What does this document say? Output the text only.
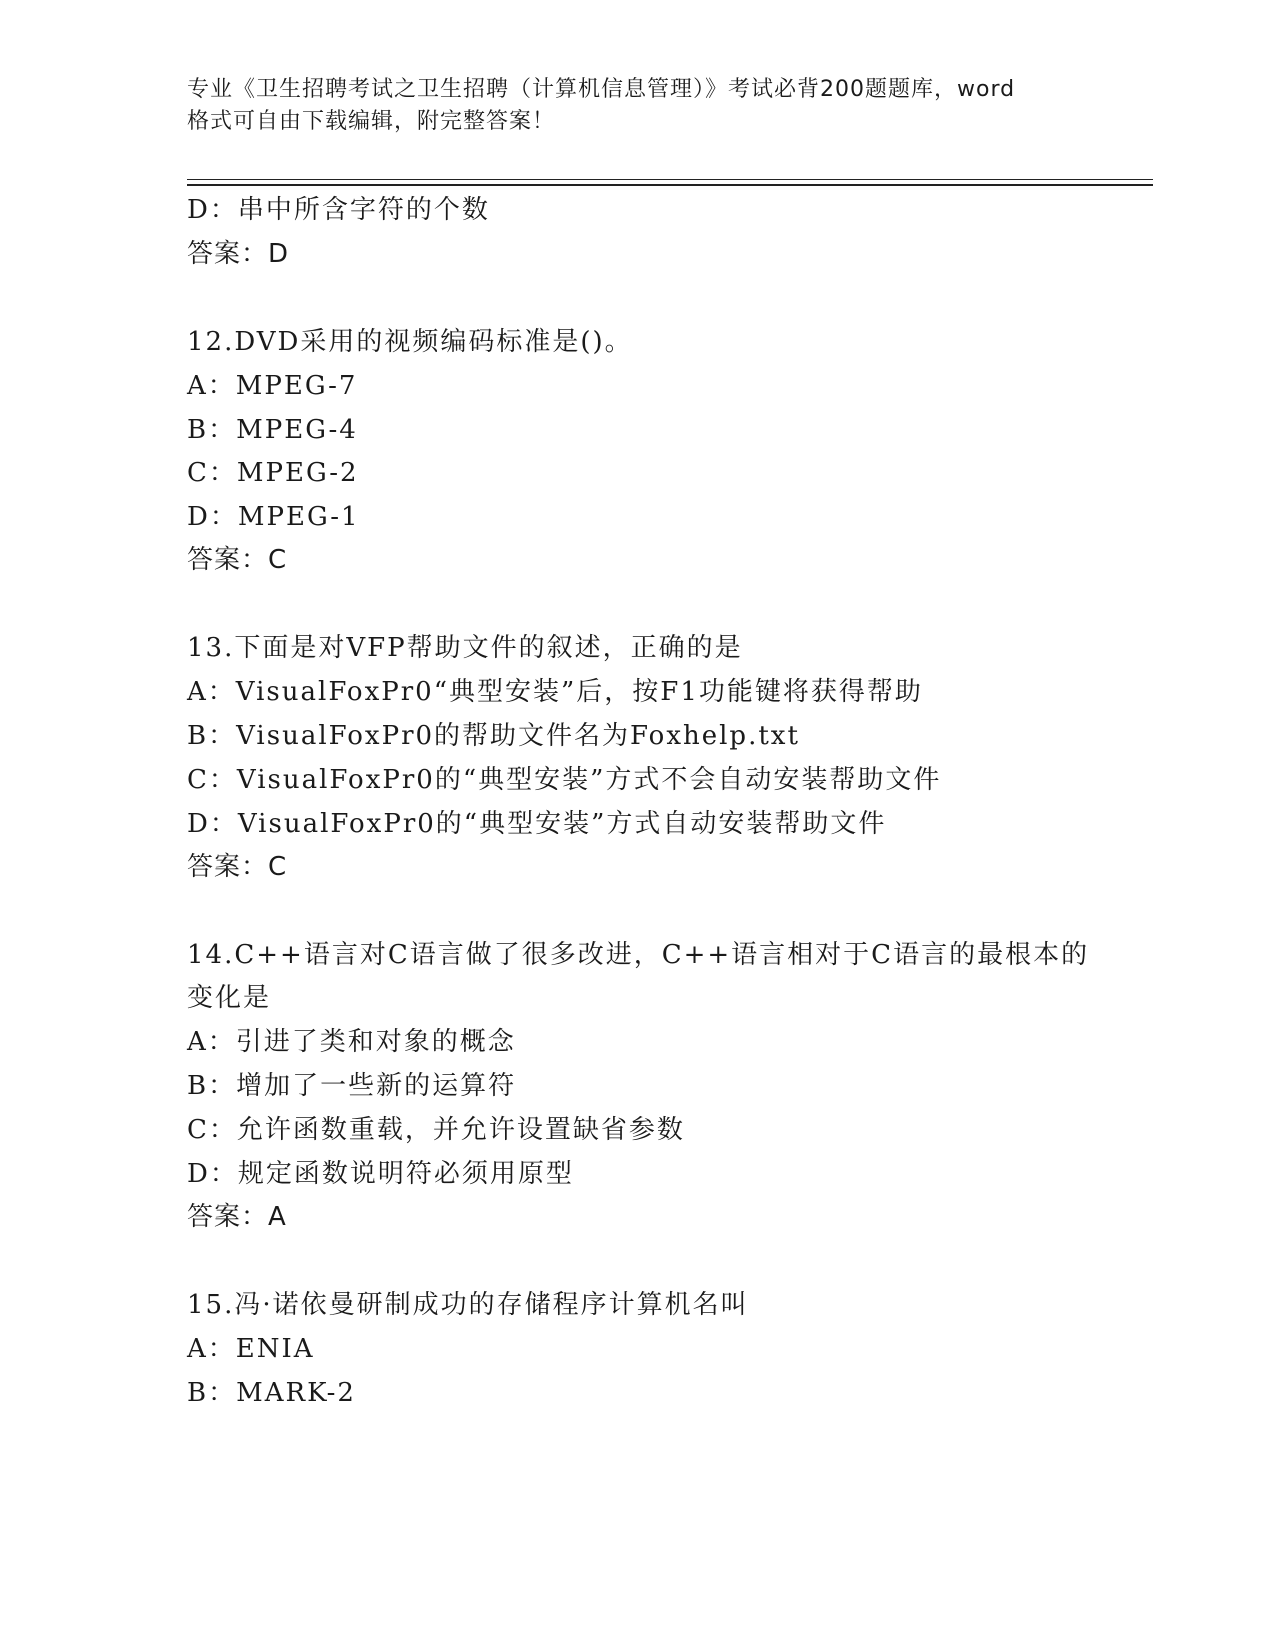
专业《卫生招聘考试之卫生招聘（计算机信息管理）》考试必背200题题库，word
格式可自由下载编辑，附完整答案！
D：串中所含字符的个数
答案：D
12.DVD采用的视频编码标准是()。
A：MPEG-7
B：MPEG-4
C：MPEG-2
D：MPEG-1
答案：C
13.下面是对VFP帮助文件的叙述，正确的是
A：VisualFoxPr0“典型安装”后，按F1功能键将获得帮助
B：VisualFoxPr0的帮助文件名为Foxhelp.txt
C：VisualFoxPr0的“典型安装”方式不会自动安装帮助文件
D：VisualFoxPr0的“典型安装”方式自动安装帮助文件
答案：C
14.C++语言对C语言做了很多改进，C++语言相对于C语言的最根本的
变化是
A：引进了类和对象的概念
B：增加了一些新的运算符
C：允许函数重载，并允许设置缺省参数
D：规定函数说明符必须用原型
答案：A
15.冯·诺依曼研制成功的存储程序计算机名叫
A：ENIA
B：MARK-2
